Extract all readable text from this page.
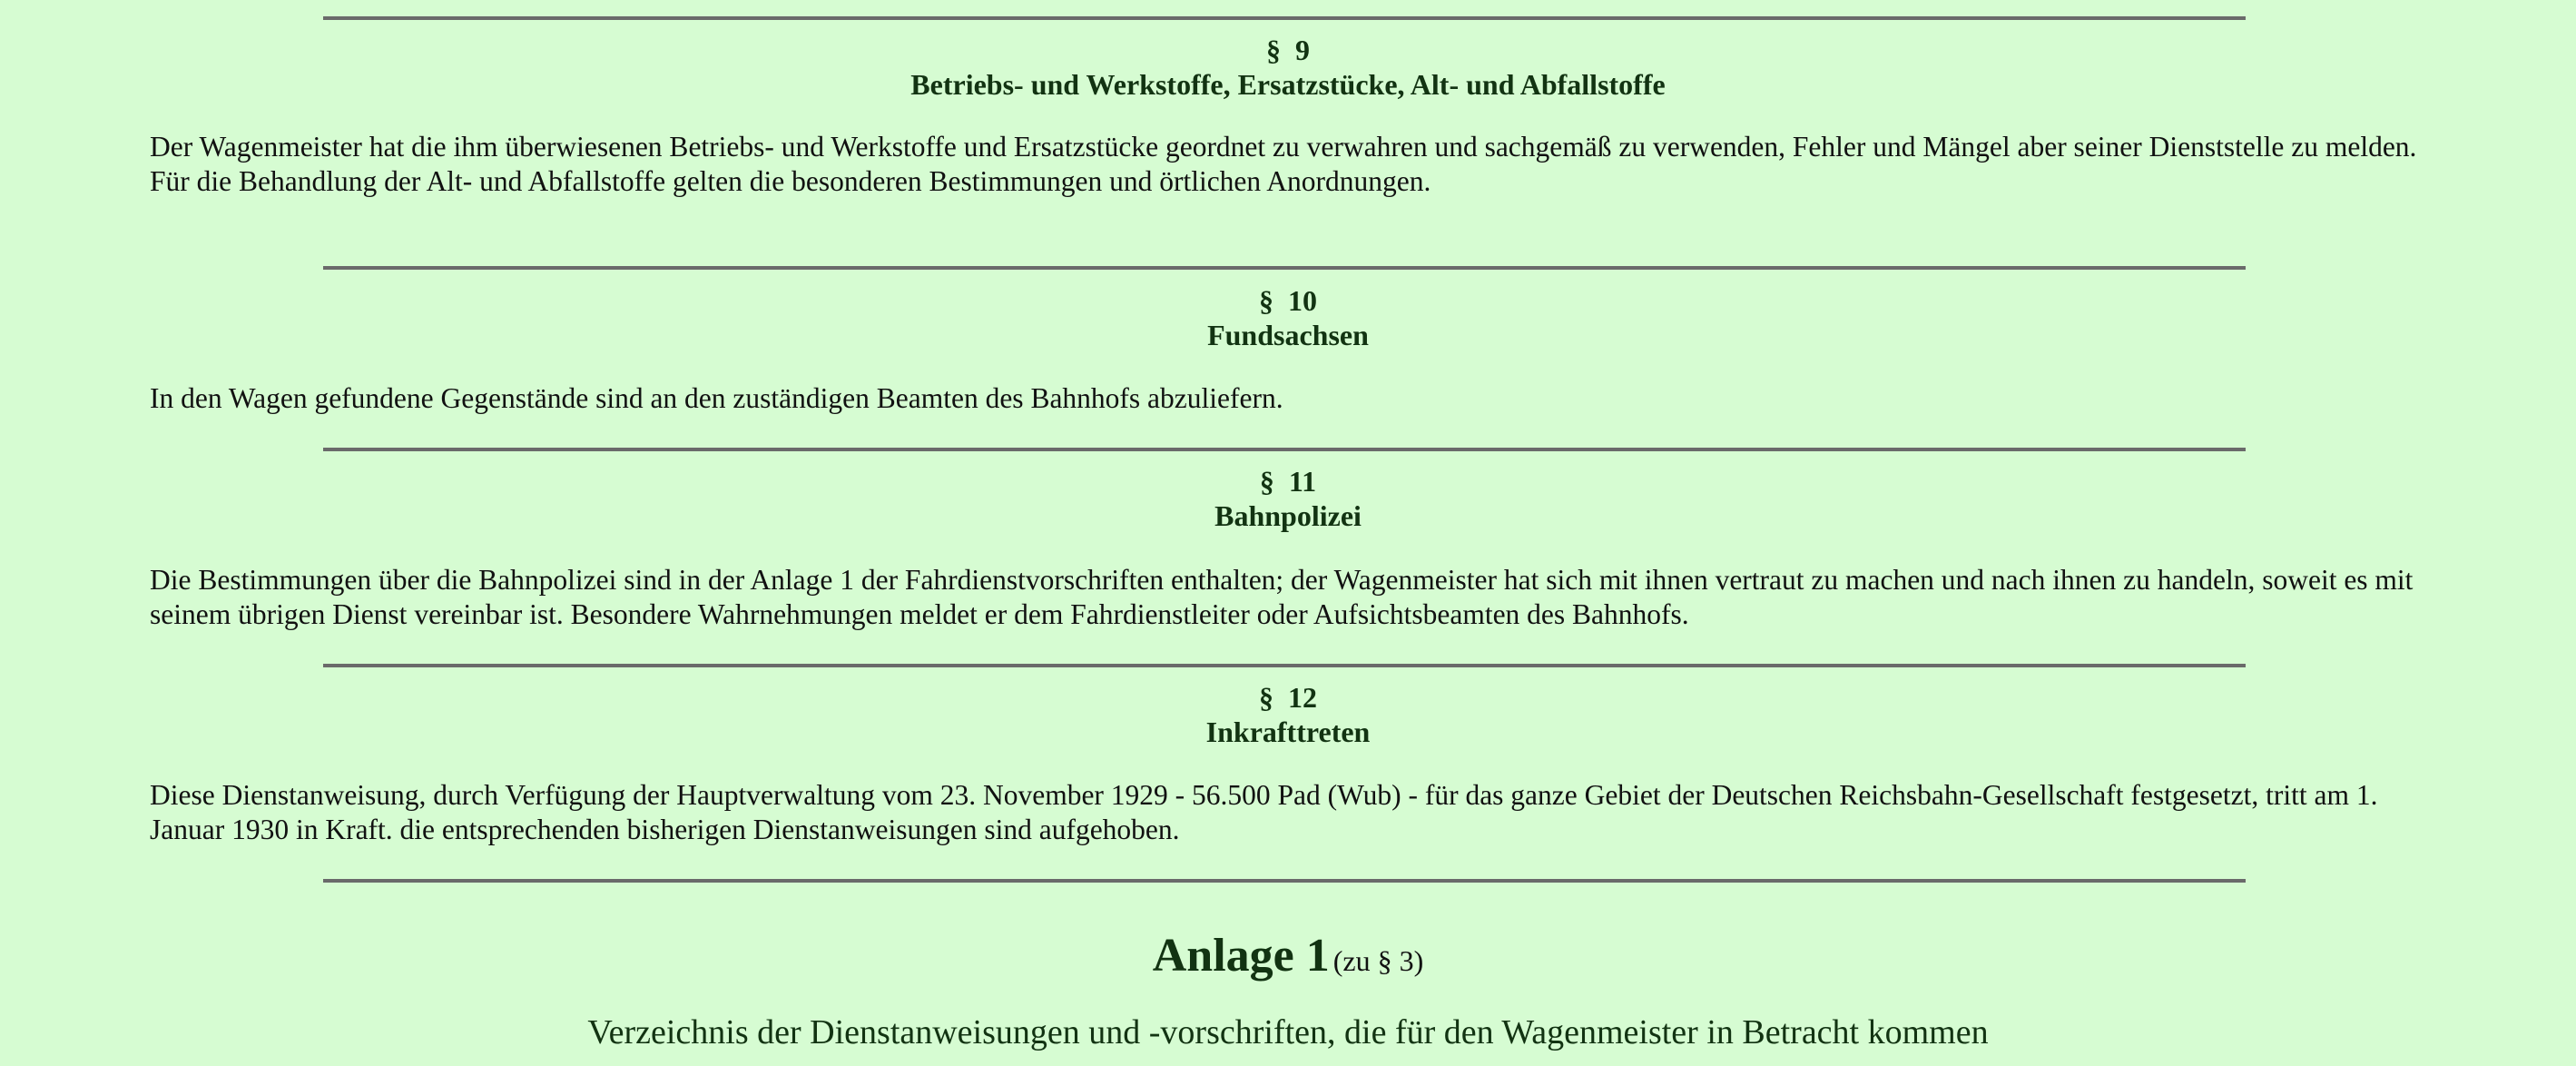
§ 9
Betriebs- und Werkstoffe, Ersatzstücke, Alt- und Abfallstoffe

Der Wagenmeister hat die ihm überwiesenen Betriebs- und Werkstoffe und Ersatzstücke geordnet zu verwahren und sachgemäß zu verwenden, Fehler und Mängel aber seiner Dienststelle zu melden.

Für die Behandlung der Alt- und Abfallstoffe gelten die besonderen Bestimmungen und örtlichen Anordnungen.

§ 10
Fundsachsen

In den Wagen gefundene Gegenstände sind an den zuständigen Beamten des Bahnhofs abzuliefern.

§ 11
Bahnpolizei

Die Bestimmungen über die Bahnpolizei sind in der Anlage 1 der Fahrdienstvorschriften enthalten; der Wagenmeister hat sich mit ihnen vertraut zu machen und nach ihnen zu handeln, soweit es mit seinem übrigen Dienst vereinbar ist. Besondere Wahrnehmungen meldet er dem Fahrdienstleiter oder Aufsichtsbeamten des Bahnhofs.

§ 12
Inkrafttreten

Diese Dienstanweisung, durch Verfügung der Hauptverwaltung vom 23. November 1929 - 56.500 Pad (Wub) - für das ganze Gebiet der Deutschen Reichsbahn-Gesellschaft festgesetzt, tritt am 1. Januar 1930 in Kraft. die entsprechenden bisherigen Dienstanweisungen sind aufgehoben.

Anlage 1 (zu § 3)
Verzeichnis der Dienstanweisungen und -vorschriften, die für den Wagenmeister in Betracht kommen
